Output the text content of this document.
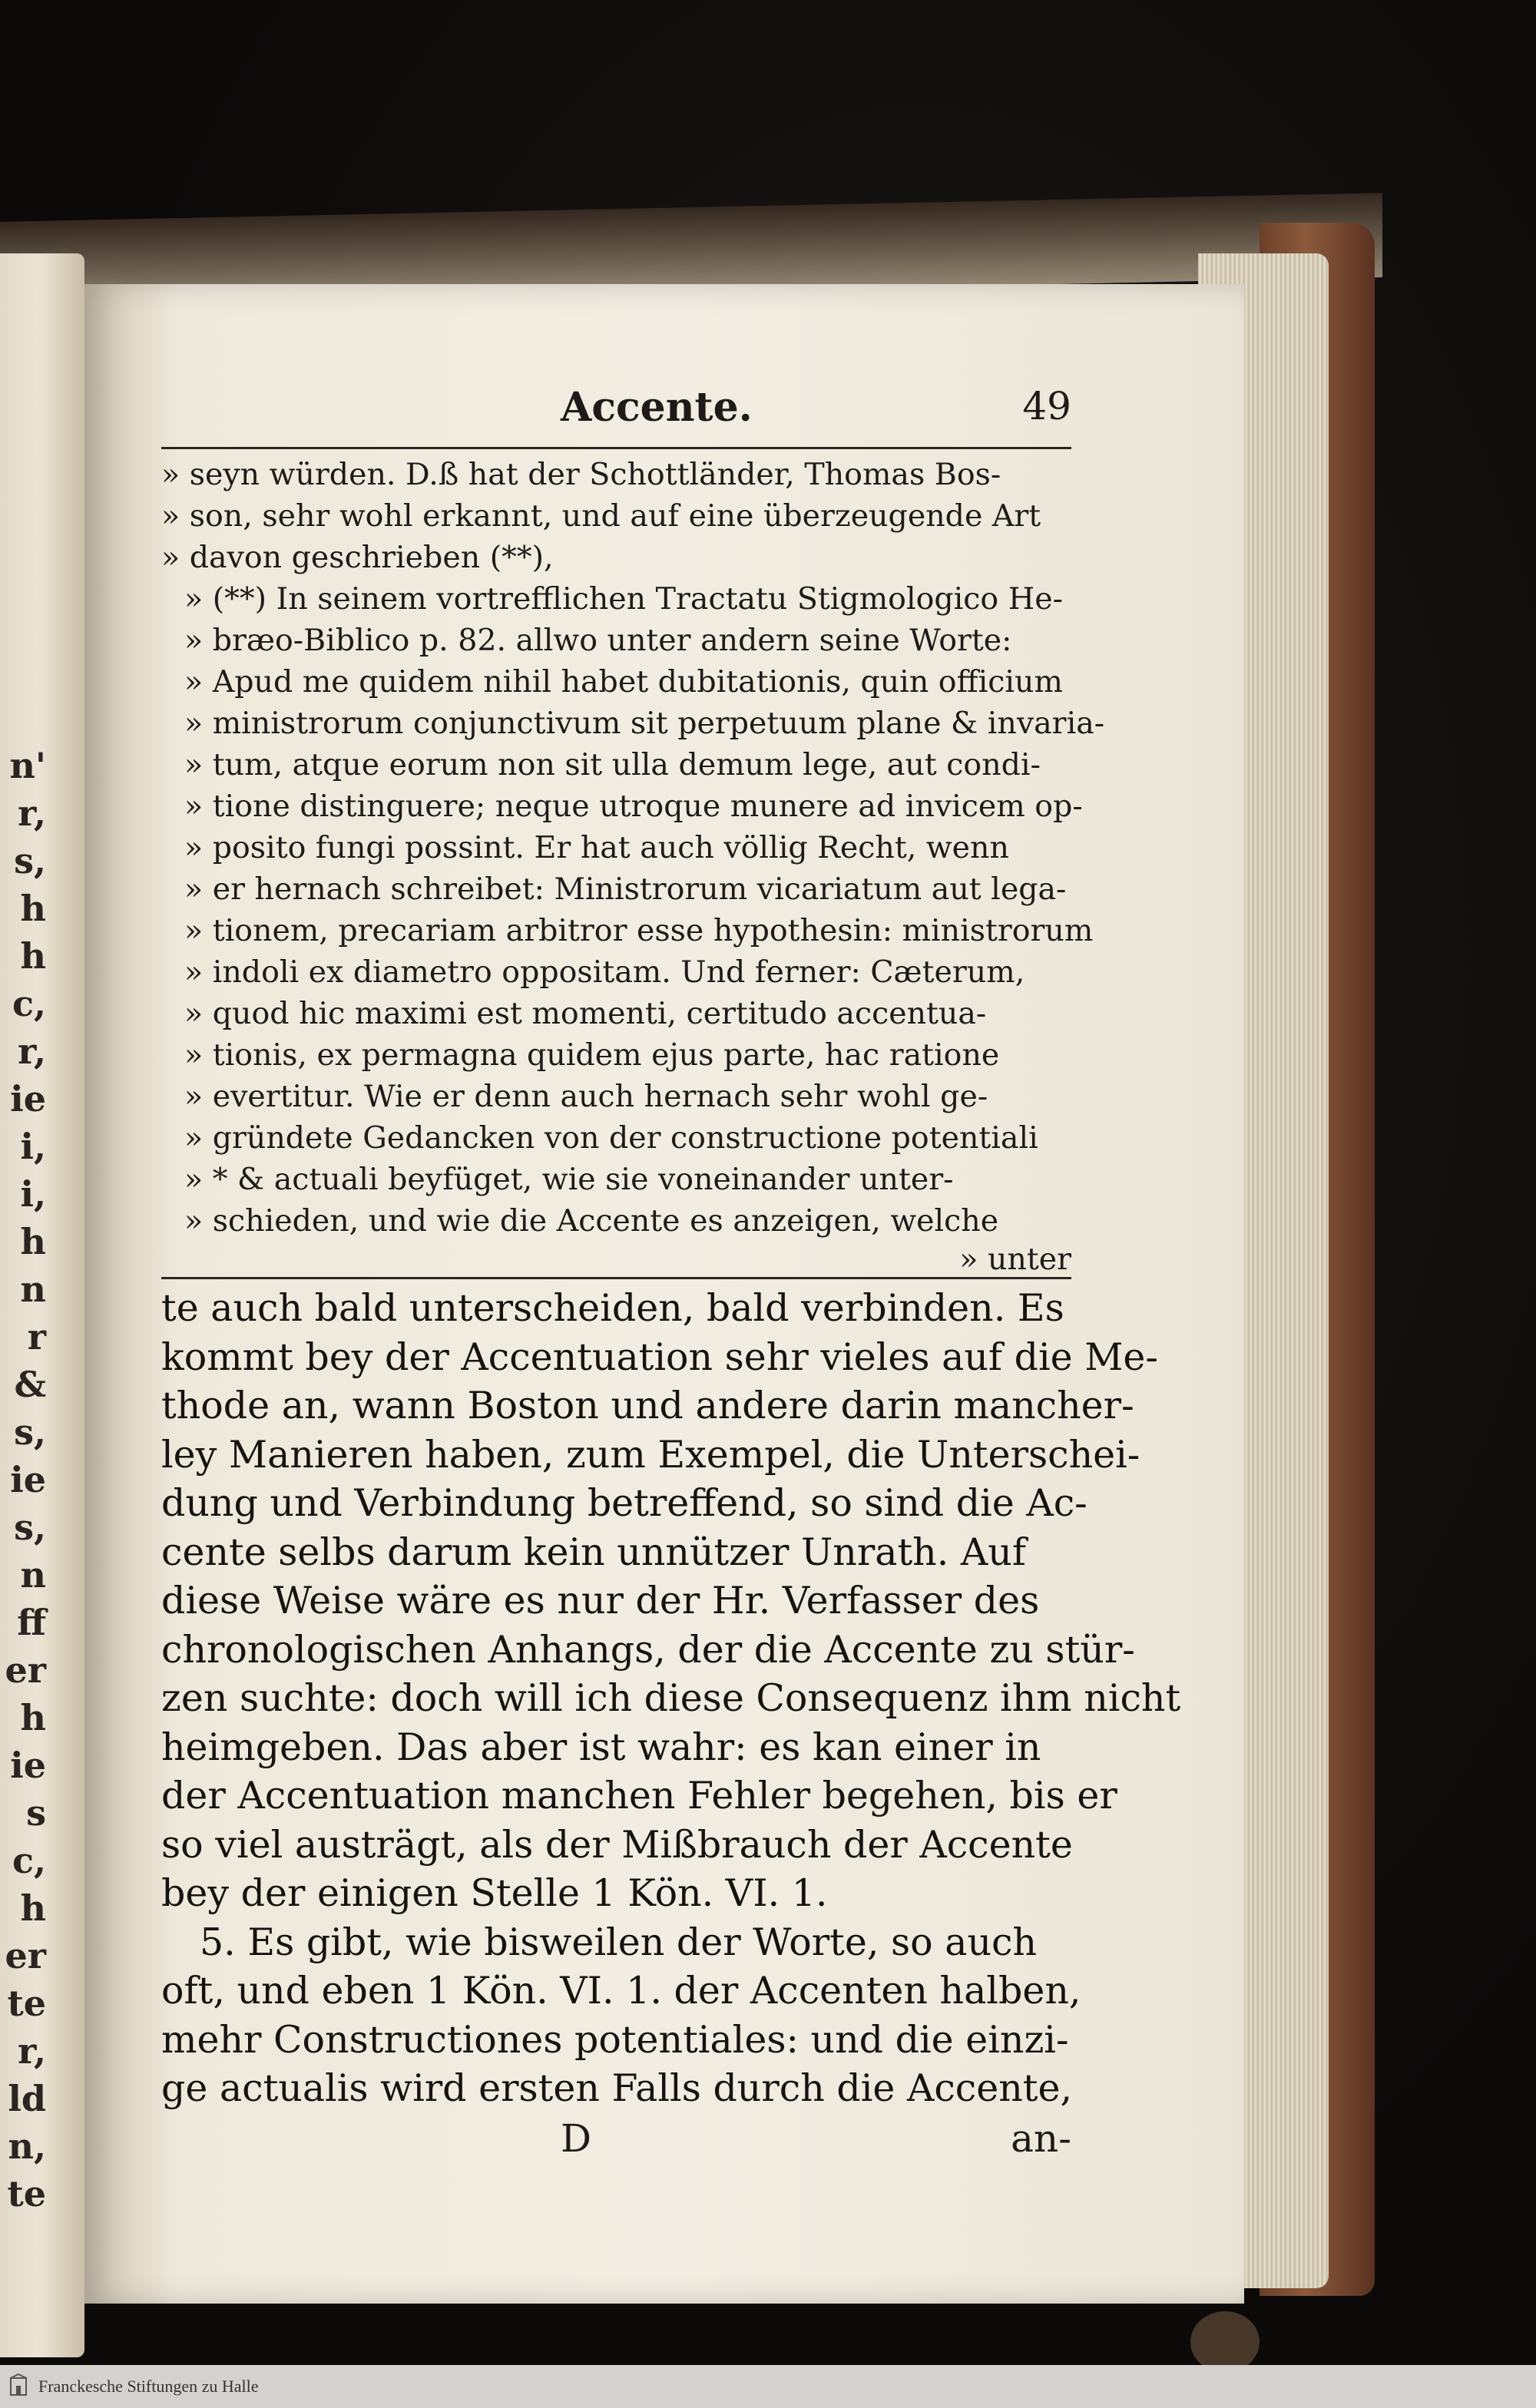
n'
r,
s,
h
h
c,
r,
ie
i,
i,
h
n
r
&
s,
ie
s,
n
ff
er
h
ie
s
c,
h
er
te
r,
ld
n,
te
Accente.	49
» seyn würden. D.ß hat der Schottländer, Thomas Bos-
» son, sehr wohl erkannt, und auf eine überzeugende Art
» davon geschrieben (**),
» (**) In seinem vortrefflichen Tractatu Stigmologico He-
» bræo-Biblico p. 82. allwo unter andern seine Worte:
» Apud me quidem nihil habet dubitationis, quin officium
» ministrorum conjunctivum sit perpetuum plane & invaria-
» tum, atque eorum non sit ulla demum lege, aut condi-
» tione distinguere; neque utroque munere ad invicem op-
» posito fungi possint. Er hat auch völlig Recht, wenn
» er hernach schreibet: Ministrorum vicariatum aut lega-
» tionem, precariam arbitror esse hypothesin: ministrorum
» indoli ex diametro oppositam. Und ferner: Cæterum,
» quod hic maximi est momenti, certitudo accentua-
» tionis, ex permagna quidem ejus parte, hac ratione
» evertitur. Wie er denn auch hernach sehr wohl ge-
» gründete Gedancken von der constructione potentiali
» * & actuali beyfüget, wie sie voneinander unter-
» schieden, und wie die Accente es anzeigen, welche
» unter
te auch bald unterscheiden, bald verbinden. Es
kommt bey der Accentuation sehr vieles auf die Me-
thode an, wann Boston und andere darin mancher-
ley Manieren haben, zum Exempel, die Unterschei-
dung und Verbindung betreffend, so sind die Ac-
cente selbs darum kein unnützer Unrath. Auf
diese Weise wäre es nur der Hr. Verfasser des
chronologischen Anhangs, der die Accente zu stür-
zen suchte: doch will ich diese Consequenz ihm nicht
heimgeben. Das aber ist wahr: es kan einer in
der Accentuation manchen Fehler begehen, bis er
so viel austrägt, als der Mißbrauch der Accente
bey der einigen Stelle 1 Kön. VI. 1.
5. Es gibt, wie bisweilen der Worte, so auch
oft, und eben 1 Kön. VI. 1. der Accenten halben,
mehr Constructiones potentiales: und die einzi-
ge actualis wird ersten Falls durch die Accente,
D	an-
Franckesche Stiftungen zu Halle
